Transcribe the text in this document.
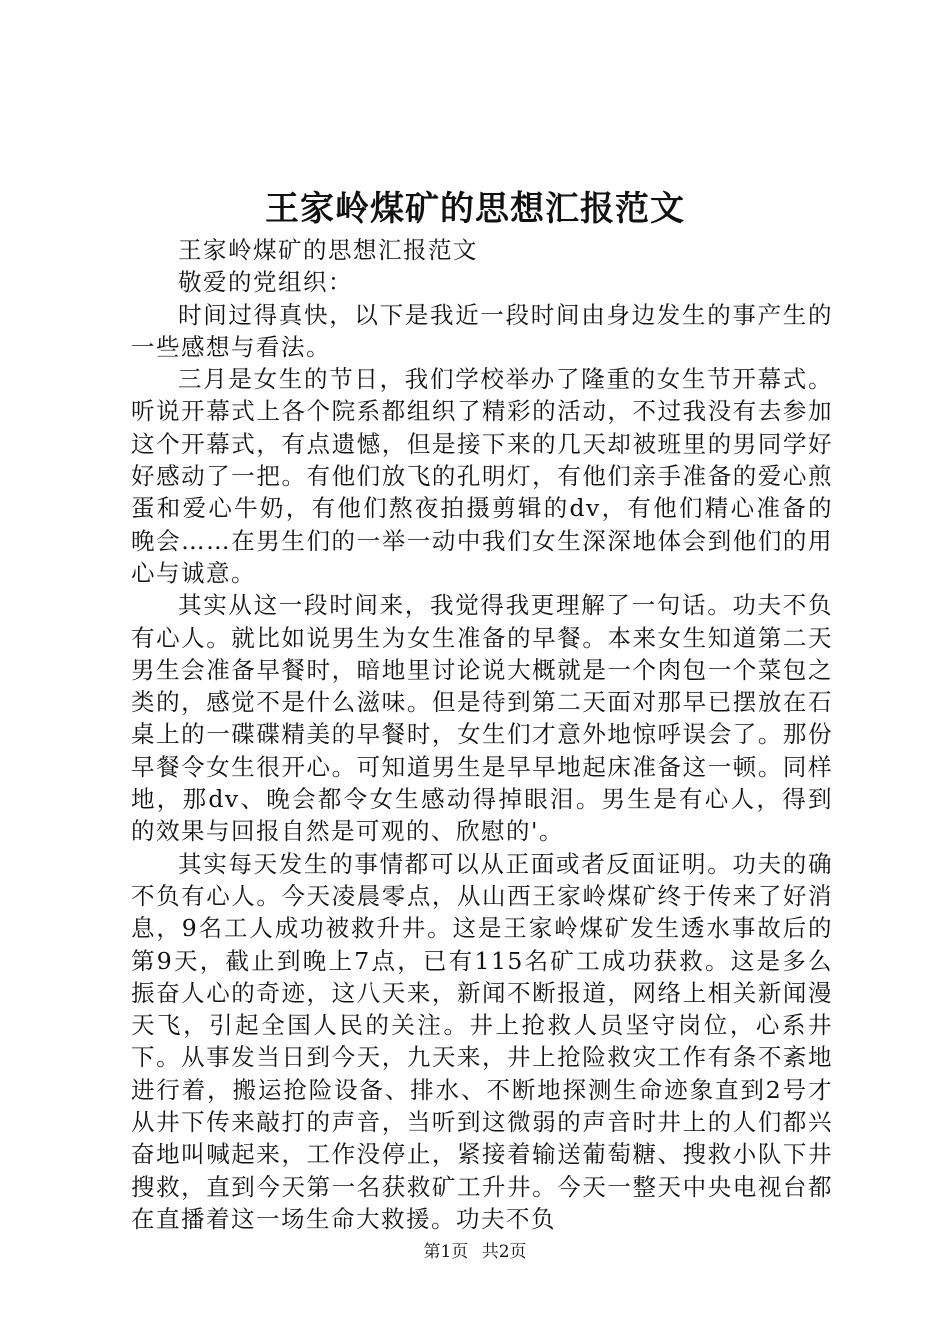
王家岭煤矿的思想汇报范文

王家岭煤矿的思想汇报范文

敬爱的党组织：

时间过得真快，以下是我近一段时间由身边发生的事产生的一些感想与看法。

三月是女生的节日，我们学校举办了隆重的女生节开幕式。听说开幕式上各个院系都组织了精彩的活动，不过我没有去参加这个开幕式，有点遗憾，但是接下来的几天却被班里的男同学好好感动了一把。有他们放飞的孔明灯，有他们亲手准备的爱心煎蛋和爱心牛奶，有他们熬夜拍摄剪辑的dv，有他们精心准备的晚会……在男生们的一举一动中我们女生深深地体会到他们的用心与诚意。

其实从这一段时间来，我觉得我更理解了一句话。功夫不负有心人。就比如说男生为女生准备的早餐。本来女生知道第二天男生会准备早餐时，暗地里讨论说大概就是一个肉包一个菜包之类的，感觉不是什么滋味。但是待到第二天面对那早已摆放在石桌上的一碟碟精美的早餐时，女生们才意外地惊呼误会了。那份早餐令女生很开心。可知道男生是早早地起床准备这一顿。同样地，那dv、晚会都令女生感动得掉眼泪。男生是有心人，得到的效果与回报自然是可观的、欣慰的'。

其实每天发生的事情都可以从正面或者反面证明。功夫的确不负有心人。今天凌晨零点，从山西王家岭煤矿终于传来了好消息，9名工人成功被救升井。这是王家岭煤矿发生透水事故后的第9天，截止到晚上7点，已有115名矿工成功获救。这是多么振奋人心的奇迹，这八天来，新闻不断报道，网络上相关新闻漫天飞，引起全国人民的关注。井上抢救人员坚守岗位，心系井下。从事发当日到今天，九天来，井上抢险救灾工作有条不紊地进行着，搬运抢险设备、排水、不断地探测生命迹象直到2号才从井下传来敲打的声音，当听到这微弱的声音时井上的人们都兴奋地叫喊起来，工作没停止，紧接着输送葡萄糖、搜救小队下井搜救，直到今天第一名获救矿工升井。今天一整天中央电视台都在直播着这一场生命大救援。功夫不负

第1页 共2页
